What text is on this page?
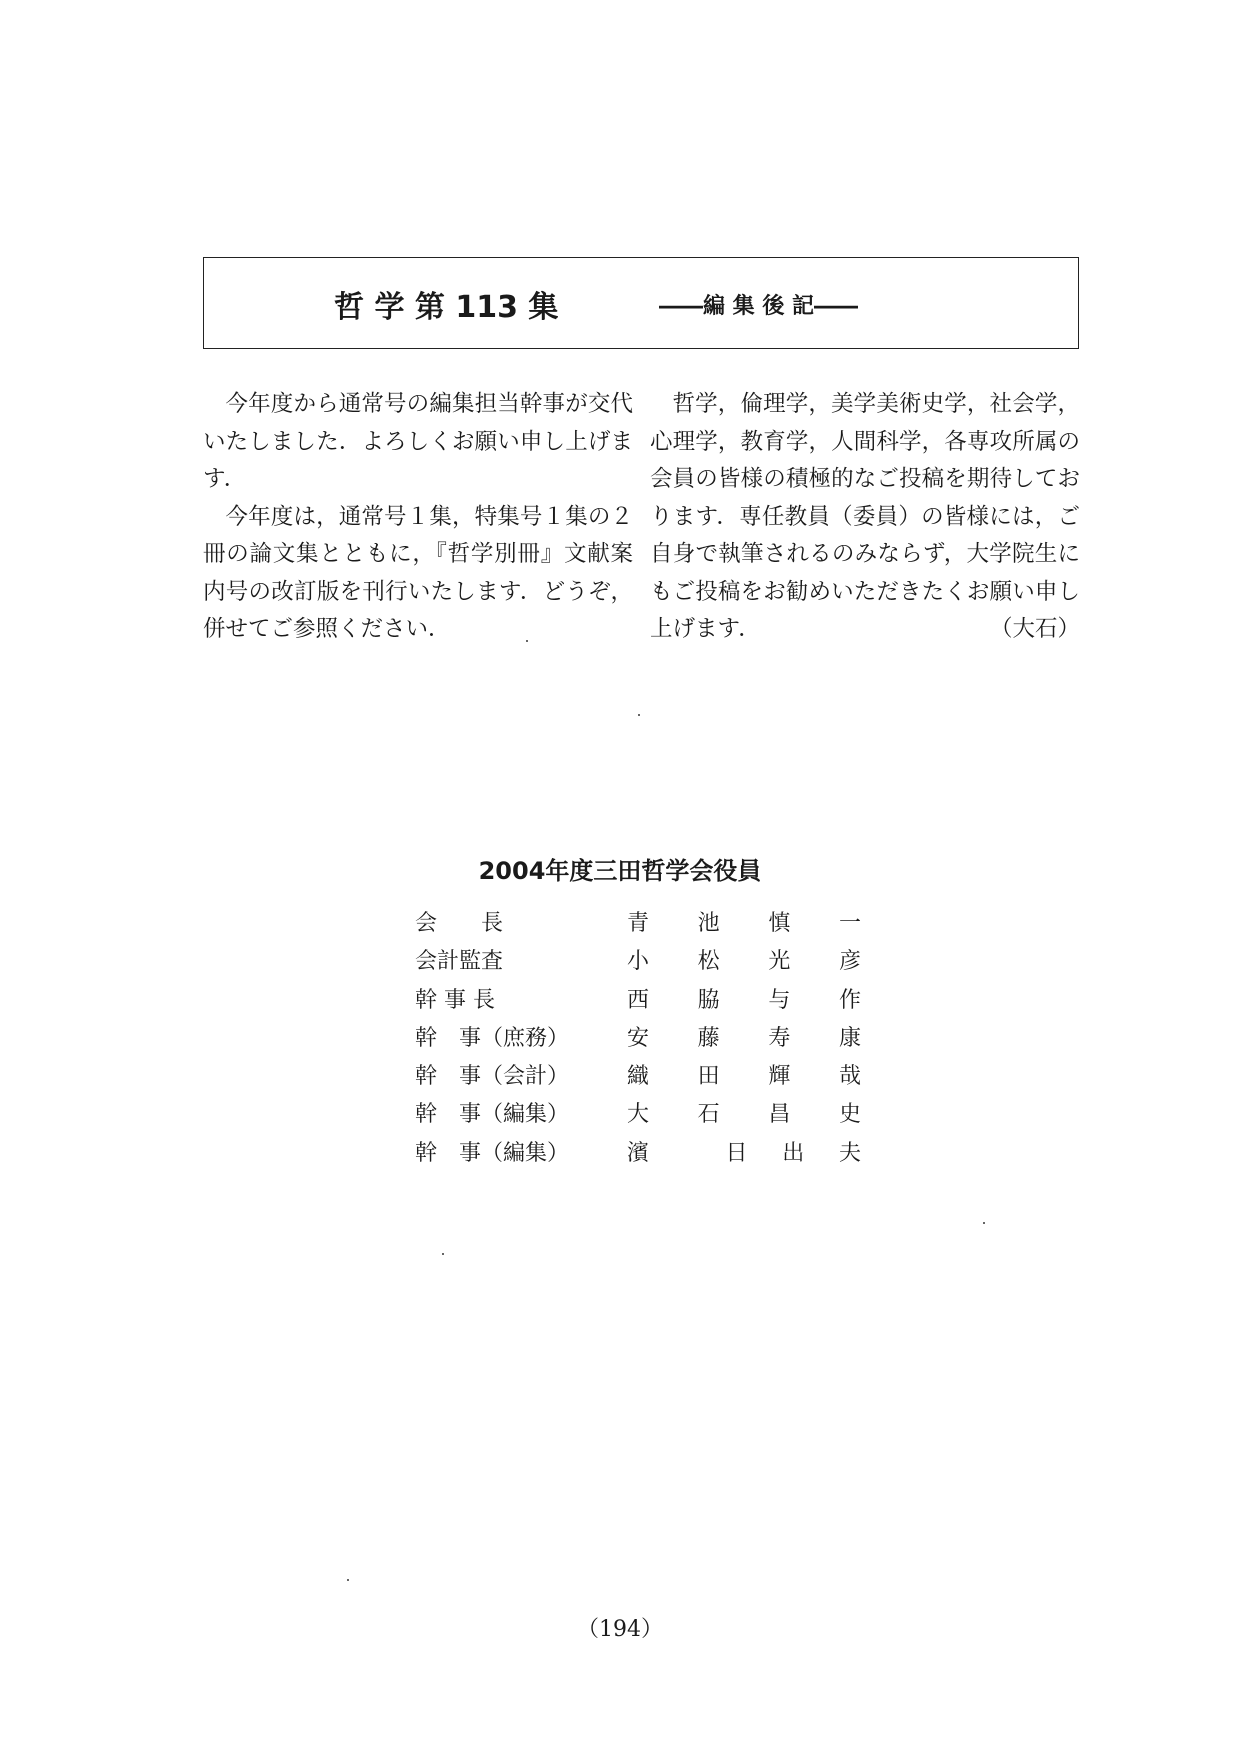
哲 学 第 113 集	――編 集 後 記――

今年度から通常号の編集担当幹事が交代いたしました．よろしくお願い申し上げます．

今年度は，通常号１集，特集号１集の２冊の論文集とともに，『哲学別冊』文献案内号の改訂版を刊行いたします．どうぞ，併せてご参照ください．

哲学，倫理学，美学美術史学，社会学，心理学，教育学，人間科学，各専攻所属の会員の皆様の積極的なご投稿を期待しております．専任教員（委員）の皆様には，ご自身で執筆されるのみならず，大学院生にもご投稿をお勧めいただきたくお願い申し上げます．	（大石）

2004年度三田哲学会役員
会　　長	青池慎一
会計監査	小松光彦
幹 事 長	西脇与作
幹　事（庶務）	安藤寿康
幹　事（会計）	織田輝哉
幹　事（編集）	大石昌史
幹　事（編集）	濱 日出夫
（194）
